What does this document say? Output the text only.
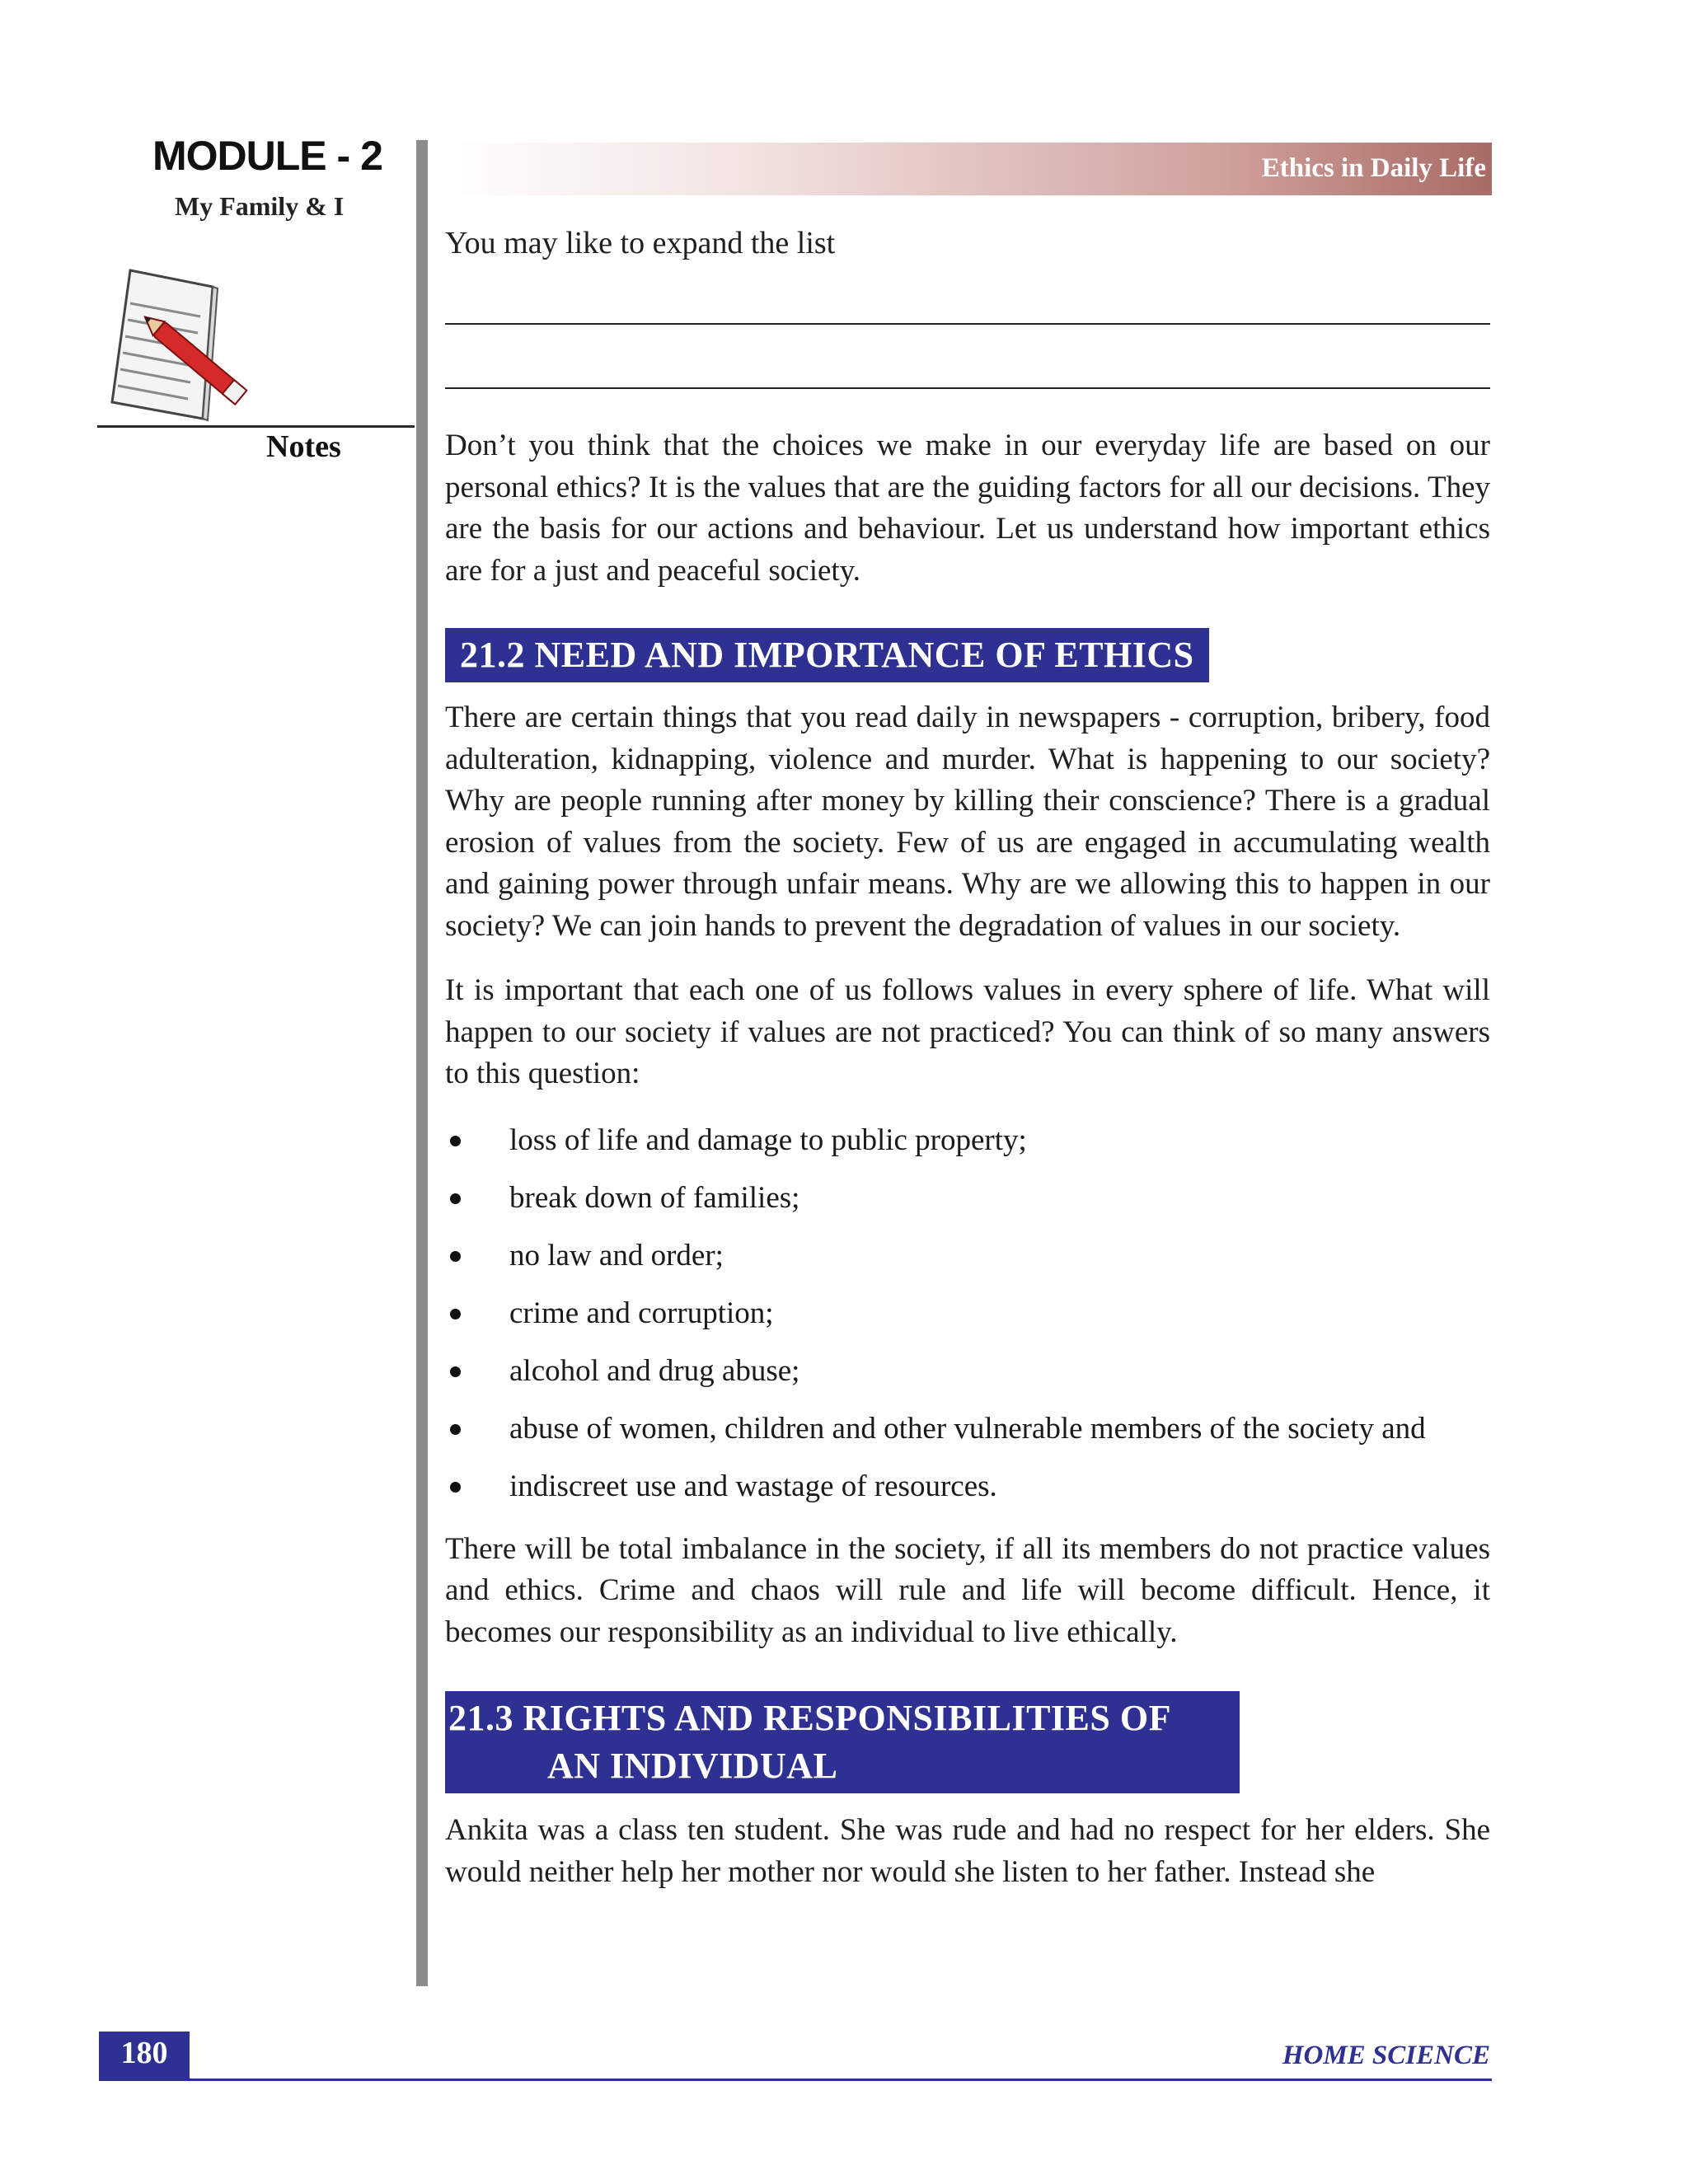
MODULE - 2
My Family & I
Notes
Ethics in Daily Life

You may like to expand the list

Don’t you think that the choices we make in our everyday life are based on our personal ethics? It is the values that are the guiding factors for all our decisions. They are the basis for our actions and behaviour. Let us understand how important ethics are for a just and peaceful society.

21.2 NEED AND IMPORTANCE OF ETHICS

There are certain things that you read daily in newspapers - corruption, bribery, food adulteration, kidnapping, violence and murder. What is happening to our society? Why are people running after money by killing their conscience? There is a gradual erosion of values from the society. Few of us are engaged in accumulating wealth and gaining power through unfair means. Why are we allowing this to happen in our society? We can join hands to prevent the degradation of values in our society.

It is important that each one of us follows values in every sphere of life. What will happen to our society if values are not practiced? You can think of so many answers to this question:

loss of life and damage to public property;
break down of families;
no law and order;
crime and corruption;
alcohol and drug abuse;
abuse of women, children and other vulnerable members of the society and
indiscreet use and wastage of resources.

There will be total imbalance in the society, if all its members do not practice values and ethics. Crime and chaos will rule and life will become difficult. Hence, it becomes our responsibility as an individual to live ethically.

21.3 RIGHTS AND RESPONSIBILITIES OF
AN INDIVIDUAL

Ankita was a class ten student. She was rude and had no respect for her elders. She would neither help her mother nor would she listen to her father. Instead she

180	HOME SCIENCE
